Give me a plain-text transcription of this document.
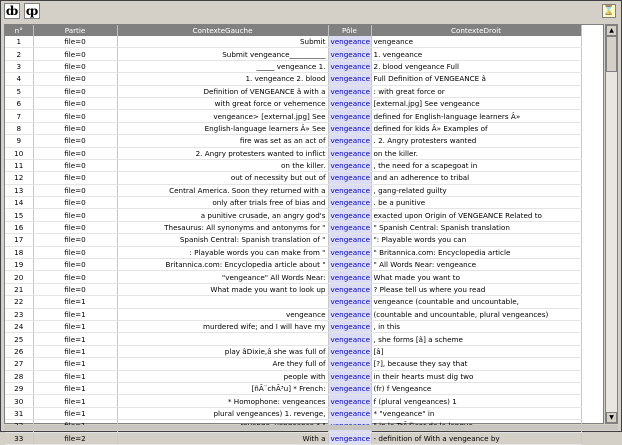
ȸ ȹ	⌛
n°	Partie	ContexteGauche	Pôle	ContexteDroit
1	file=0	Submit	vengeance	vengeance
2	file=0	Submit vengeance__________	vengeance	1. vengeance
3	file=0	_____ vengeance 1.	vengeance	2. blood vengeance Full
4	file=0	1. vengeance 2. blood	vengeance	Full Definition of VENGEANCE â
5	file=0	Definition of VENGEANCE â with a	vengeance	: with great force or
6	file=0	with great force or vehemence	vengeance	[external.jpg] See vengeance
7	file=0	vengeance> [external.jpg] See	vengeance	defined for English-language learners Â»
8	file=0	English-language learners Â» See	vengeance	defined for kids Â» Examples of
9	file=0	fire was set as an act of	vengeance	. 2. Angry protesters wanted
10	file=0	2. Angry protesters wanted to inflict	vengeance	on the killer.
11	file=0	on the killer.	vengeance	, the need for a scapegoat in
12	file=0	out of necessity but out of	vengeance	and an adherence to tribal
13	file=0	Central America. Soon they returned with a	vengeance	, gang-related guilty
14	file=0	only after trials free of bias and	vengeance	. be a punitive
15	file=0	a punitive crusade, an angry god's	vengeance	exacted upon Origin of VENGEANCE Related to
16	file=0	Thesaurus: All synonyms and antonyms for "	vengeance	" Spanish Central: Spanish translation
17	file=0	Spanish Central: Spanish translation of "	vengeance	": Playable words you can
18	file=0	: Playable words you can make from "	vengeance	" Britannica.com: Encyclopedia article
19	file=0	Britannica.com: Encyclopedia article about "	vengeance	" All Words Near: vengeance
20	file=0	"vengeance" All Words Near:	vengeance	What made you want to
21	file=0	What made you want to look up	vengeance	? Please tell us where you read
22	file=1		vengeance	vengeance (countable and uncountable,
23	file=1	vengeance	vengeance	(countable and uncountable, plural vengeances)
24	file=1	murdered wife; and I will have my	vengeance	, in this
25	file=1		vengeance	, she forms [â] a scheme
26	file=1	play âDixie,â she was full of	vengeance	[â]
27	file=1	Are they full of	vengeance	[?], because they say that
28	file=1	people with	vengeance	in their hearts must dig two
29	file=1	[ñÃ¨chÃ³u] * French:	vengeance	(fr) f Vengeance
30	file=1	* Homophone: vengeances	vengeance	f (plural vengeances) 1
31	file=1	plural vengeances) 1. revenge,	vengeance	* "vengeance" in

33	file=2	With a	vengeance	- definition of With a vengeance by
▲
▼
